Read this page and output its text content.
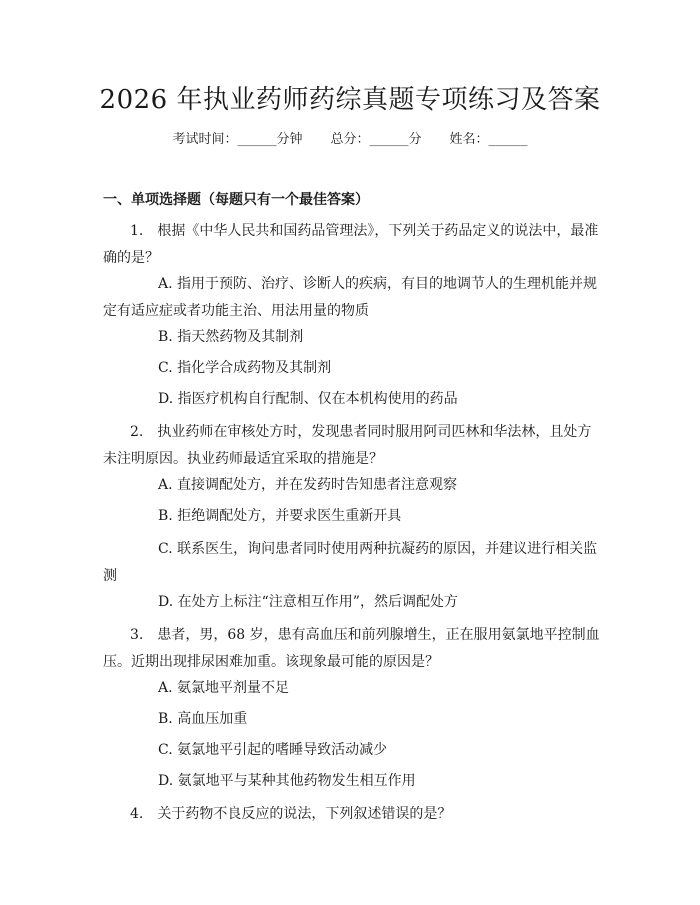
2026 年执业药师药综真题专项练习及答案
考试时间：______分钟 总分：______分 姓名：______
一、单项选择题（每题只有一个最佳答案）

1.　根据《中华人民共和国药品管理法》，下列关于药品定义的说法中，最准确的是？

A. 指用于预防、治疗、诊断人的疾病，有目的地调节人的生理机能并规定有适应症或者功能主治、用法用量的物质

B. 指天然药物及其制剂

C. 指化学合成药物及其制剂

D. 指医疗机构自行配制、仅在本机构使用的药品

2.　执业药师在审核处方时，发现患者同时服用阿司匹林和华法林，且处方未注明原因。执业药师最适宜采取的措施是？

A. 直接调配处方，并在发药时告知患者注意观察

B. 拒绝调配处方，并要求医生重新开具

C. 联系医生，询问患者同时使用两种抗凝药的原因，并建议进行相关监测

D. 在处方上标注“注意相互作用”，然后调配处方

3.　患者，男，68 岁，患有高血压和前列腺增生，正在服用氨氯地平控制血压。近期出现排尿困难加重。该现象最可能的原因是？

A. 氨氯地平剂量不足

B. 高血压加重

C. 氨氯地平引起的嗜睡导致活动减少

D. 氨氯地平与某种其他药物发生相互作用

4.　关于药物不良反应的说法，下列叙述错误的是？
